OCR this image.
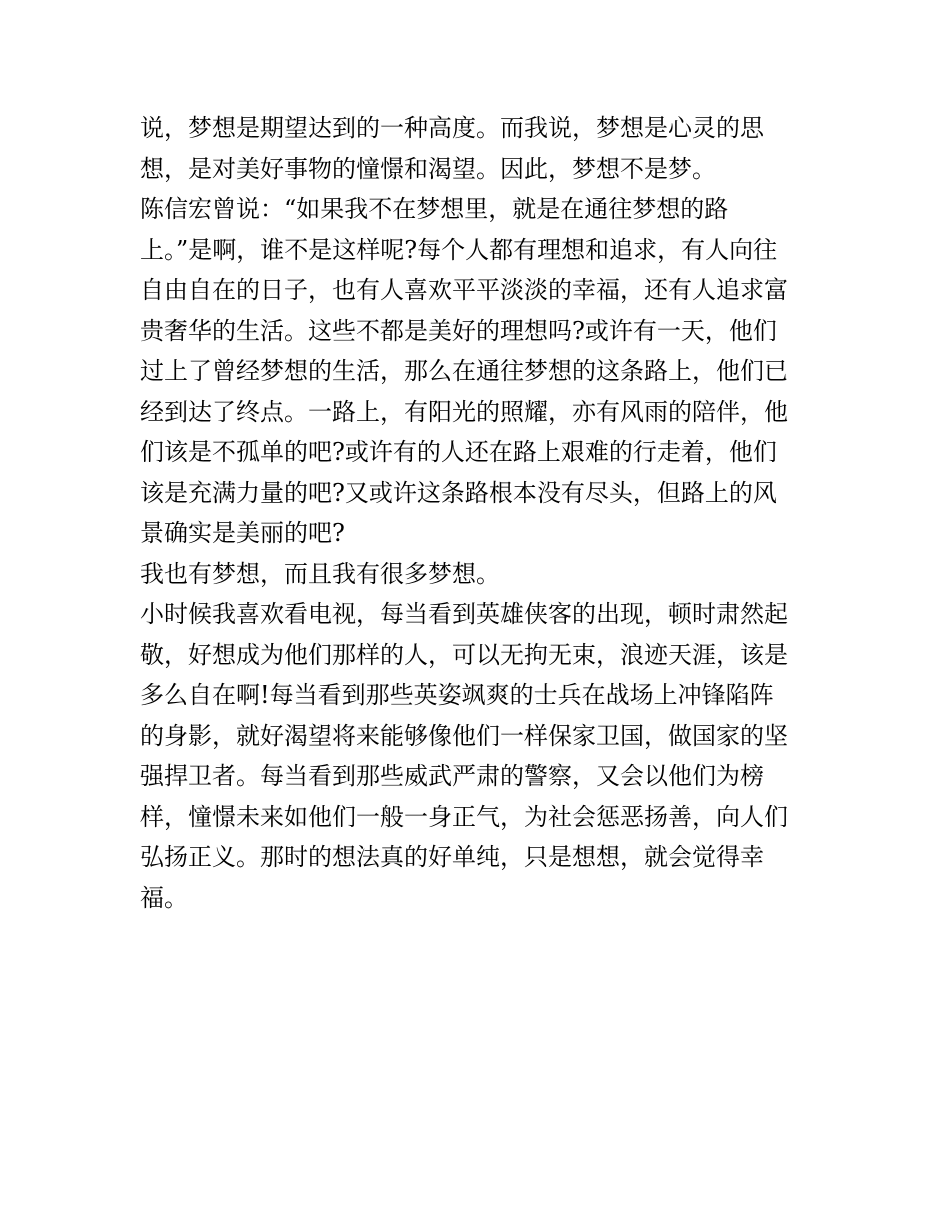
说，梦想是期望达到的一种高度。而我说，梦想是心灵的思
想，是对美好事物的憧憬和渴望。因此，梦想不是梦。
陈信宏曾说：“如果我不在梦想里，就是在通往梦想的路
上。”是啊，谁不是这样呢?每个人都有理想和追求，有人向往
自由自在的日子，也有人喜欢平平淡淡的幸福，还有人追求富
贵奢华的生活。这些不都是美好的理想吗?或许有一天，他们
过上了曾经梦想的生活，那么在通往梦想的这条路上，他们已
经到达了终点。一路上，有阳光的照耀，亦有风雨的陪伴，他
们该是不孤单的吧?或许有的人还在路上艰难的行走着，他们
该是充满力量的吧?又或许这条路根本没有尽头，但路上的风
景确实是美丽的吧?
我也有梦想，而且我有很多梦想。
小时候我喜欢看电视，每当看到英雄侠客的出现，顿时肃然起
敬，好想成为他们那样的人，可以无拘无束，浪迹天涯，该是
多么自在啊!每当看到那些英姿飒爽的士兵在战场上冲锋陷阵
的身影，就好渴望将来能够像他们一样保家卫国，做国家的坚
强捍卫者。每当看到那些威武严肃的警察，又会以他们为榜
样，憧憬未来如他们一般一身正气，为社会惩恶扬善，向人们
弘扬正义。那时的想法真的好单纯，只是想想，就会觉得幸
福。
